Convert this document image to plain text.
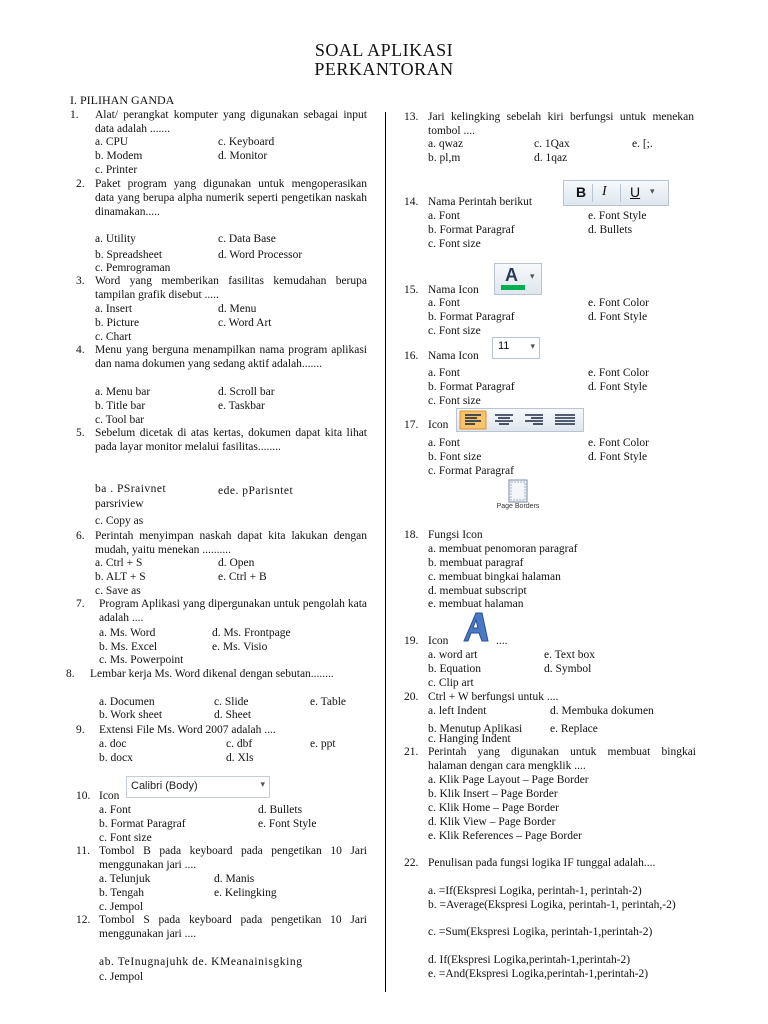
SOAL APLIKASI
PERKANTORAN
I. PILIHAN GANDA
1. Alat/ perangkat komputer yang digunakan sebagai input data adalah .......
a. CPU	c. Keyboard
b. Modem	d. Monitor
c. Printer
2. Paket program yang digunakan untuk mengoperasikan data yang berupa alpha numerik seperti pengetikan naskah dinamakan.....
a. Utility	c. Data Base
b. Spreadsheet	d. Word Processor
c. Pemrograman
3. Word yang memberikan fasilitas kemudahan berupa tampilan grafik disebut .....
a. Insert	d. Menu
b. Picture	c. Word Art
c. Chart
4. Menu yang berguna menampilkan nama program aplikasi dan nama dokumen yang sedang aktif adalah.......
a. Menu bar	d. Scroll bar
b. Title bar	e. Taskbar
c. Tool bar
5. Sebelum dicetak di atas kertas, dokumen dapat kita lihat pada layar monitor melalui fasilitas........
ba . PSraivnet	ede. pParisntet
parsriview
c. Copy as
6. Perintah menyimpan naskah dapat kita lakukan dengan mudah, yaitu menekan ..........
a. Ctrl + S	d. Open
b. ALT + S	e. Ctrl + B
c. Save as
7. Program Aplikasi yang dipergunakan untuk pengolah kata adalah ....
a. Ms. Word	d. Ms. Frontpage
b. Ms. Excel	e. Ms. Visio
c. Ms. Powerpoint
8. Lembar kerja Ms. Word dikenal dengan sebutan........
a. Documen	c. Slide	e. Table
b. Work sheet	d. Sheet
9. Extensi File Ms. Word 2007 adalah ....
a. doc	c. dbf	e. ppt
b. docx	d. Xls
10. Icon
Calibri (Body)	▾
a. Font	d. Bullets
b. Format Paragraf	e. Font Style
c. Font size
11. Tombol B pada keyboard pada pengetikan 10 Jari menggunakan jari ....
a. Telunjuk	d. Manis
b. Tengah	e. Kelingking
c. Jempol
12. Tombol S pada keyboard pada pengetikan 10 Jari menggunakan jari ....
ab. TeInugnajuhk de. KMeanainisgking
c. Jempol
13. Jari kelingking sebelah kiri berfungsi untuk menekan tombol ....
a. qwaz	c. 1Qax	e. [;.
b. pl,m	d. 1qaz
14. Nama Perintah berikut
B I U ▾
a. Font	e. Font Style
b. Format Paragraf	d. Bullets
c. Font size
15. Nama Icon
A ▾
a. Font	e. Font Color
b. Format Paragraf	d. Font Style
c. Font size
16. Nama Icon
11 ▾
a. Font	e. Font Color
b. Format Paragraf	d. Font Style
c. Font size
17. Icon
a. Font	e. Font Color
b. Font size	d. Font Style
c. Format Paragraf
Page Borders
18. Fungsi Icon
a. membuat penomoran paragraf
b. membuat paragraf
c. membuat bingkai halaman
d. membuat subscript
e. membuat halaman
19. Icon	....
a. word art	e. Text box
b. Equation	d. Symbol
c. Clip art
20. Ctrl + W berfungsi untuk ....
a. left Indent	d. Membuka dokumen
b. Menutup Aplikasi e. Replace
c. Hanging Indent
21. Perintah yang digunakan untuk membuat bingkai halaman dengan cara mengklik ....
a. Klik Page Layout – Page Border
b. Klik Insert – Page Border
c. Klik Home – Page Border
d. Klik View – Page Border
e. Klik References – Page Border
22. Penulisan pada fungsi logika IF tunggal adalah....
a. =If(Ekspresi Logika, perintah-1, perintah-2)
b. =Average(Ekspresi Logika, perintah-1, perintah,-2)
c. =Sum(Ekspresi Logika, perintah-1,perintah-2)
d. If(Ekspresi Logika,perintah-1,perintah-2)
e. =And(Ekspresi Logika,perintah-1,perintah-2)
